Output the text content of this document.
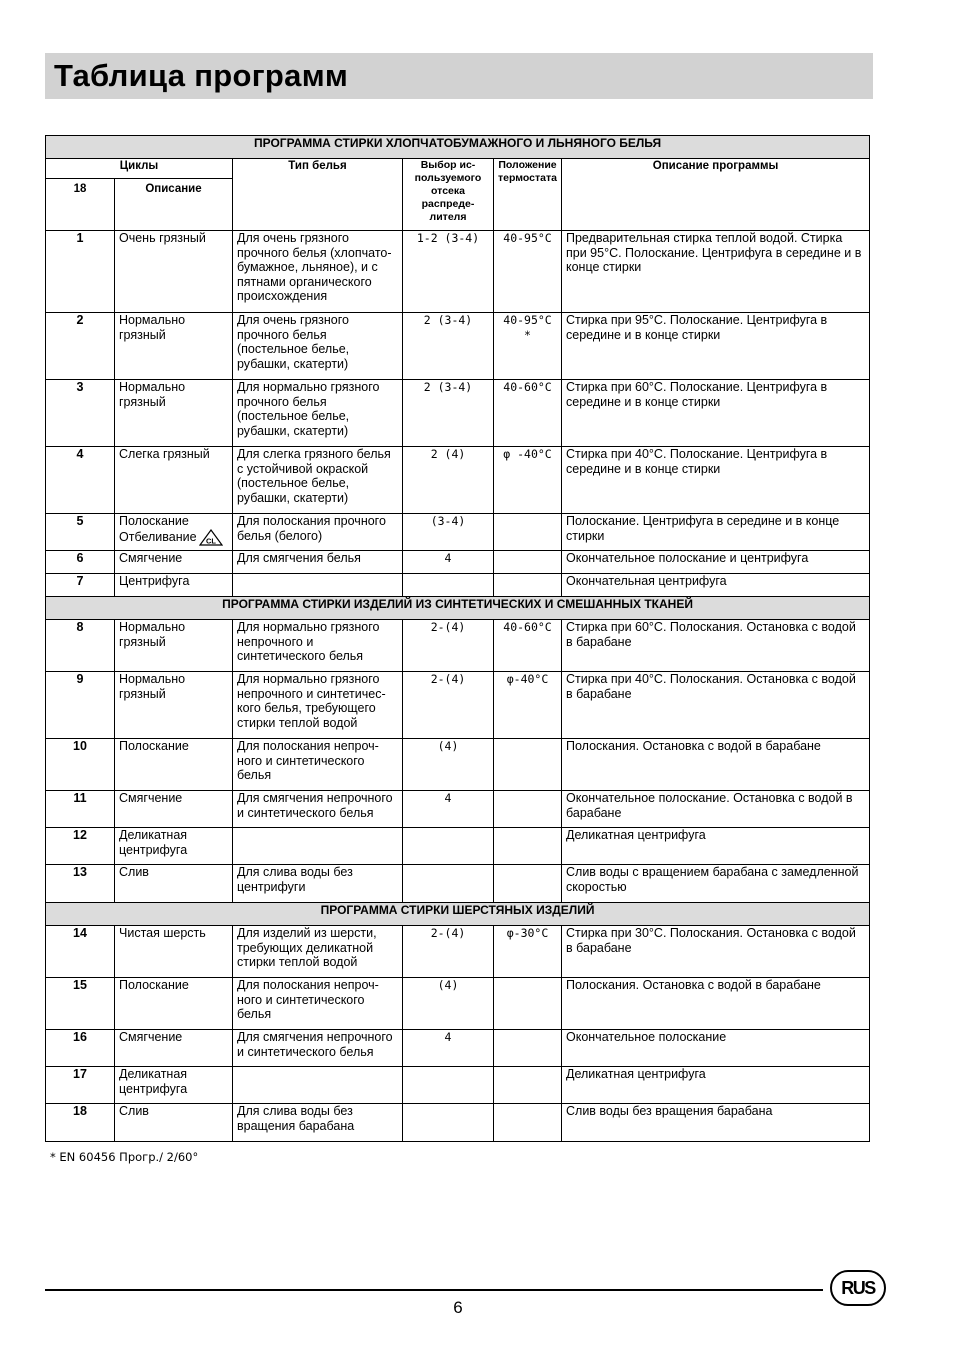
Таблица программ
ПРОГРАММА СТИРКИ ХЛОПЧАТОБУМАЖНОГО И ЛЬНЯНОГО БЕЛЬЯ					
Циклы		Тип белья	Выбор ис-пользуемого отсека распреде-лителя	Положение термостата	Описание программы
18	Описание				
1	Очень грязный	Для очень грязного прочного белья (хлопчато-бумажное, льняное), и с пятнами органического происхождения	1-2 (3-4)	40-95°C	Предварительная стирка теплой водой. Стирка при 95°С. Полоскание. Центрифуга в середине и в конце стирки
2	Нормально грязный	Для очень грязного прочного белья (постельное белье, рубашки, скатерти)	2 (3-4)	40-95°C *	Стирка при 95°С. Полоскание. Центрифуга в середине и в конце стирки
3	Нормально грязный	Для нормально грязного прочного белья (постельное белье, рубашки, скатерти)	2 (3-4)	40-60°C	Стирка при 60°С. Полоскание. Центрифуга в середине и в конце стирки
4	Слегка грязный	Для слегка грязного белья с устойчивой окраской (постельное белье, рубашки, скатерти)	2 (4)	φ -40°C	Стирка при 40°С. Полоскание. Центрифуга в середине и в конце стирки
5	Полоскание Отбеливание CL	Для полоскания прочного белья (белого)	(3-4)		Полоскание. Центрифуга в середине и в конце стирки
6	Смягчение	Для смягчения белья	4		Окончательное полоскание и центрифуга
7	Центрифуга				Окончательная центрифуга
ПРОГРАММА СТИРКИ ИЗДЕЛИЙ ИЗ СИНТЕТИЧЕСКИХ И СМЕШАННЫХ ТКАНЕЙ					
8	Нормально грязный	Для нормально грязного непрочного и синтетического белья	2-(4)	40-60°C	Стирка при 60°С. Полоскания. Остановка с водой в барабане
9	Нормально грязный	Для нормально грязного непрочного и синтетичес-кого белья, требующего стирки теплой водой	2-(4)	φ-40°C	Стирка при 40°С. Полоскания. Остановка с водой в барабане
10	Полоскание	Для полоскания непроч-ного и синтетического белья	(4)		Полоскания. Остановка с водой в барабане
11	Смягчение	Для смягчения непрочного и синтетического белья	4		Окончательное полоскание. Остановка с водой в барабане
12	Деликатная центрифуга				Деликатная центрифуга
13	Слив	Для слива воды без центрифуги			Слив воды с вращением барабана с замедленной скоростью
ПРОГРАММА СТИРКИ ШЕРСТЯНЫХ ИЗДЕЛИЙ					
14	Чистая шерсть	Для изделий из шерсти, требующих деликатной стирки теплой водой	2-(4)	φ-30°C	Стирка при 30°С. Полоскания. Остановка с водой в барабане
15	Полоскание	Для полоскания непроч-ного и синтетического белья	(4)		Полоскания. Остановка с водой в барабане
16	Смягчение	Для смягчения непрочного и синтетического белья	4		Окончательное полоскание
17	Деликатная центрифуга				Деликатная центрифуга
18	Слив	Для слива воды без вращения барабана			Слив воды без вращения барабана
* EN 60456 Прогр./ 2/60°
6
RUS
